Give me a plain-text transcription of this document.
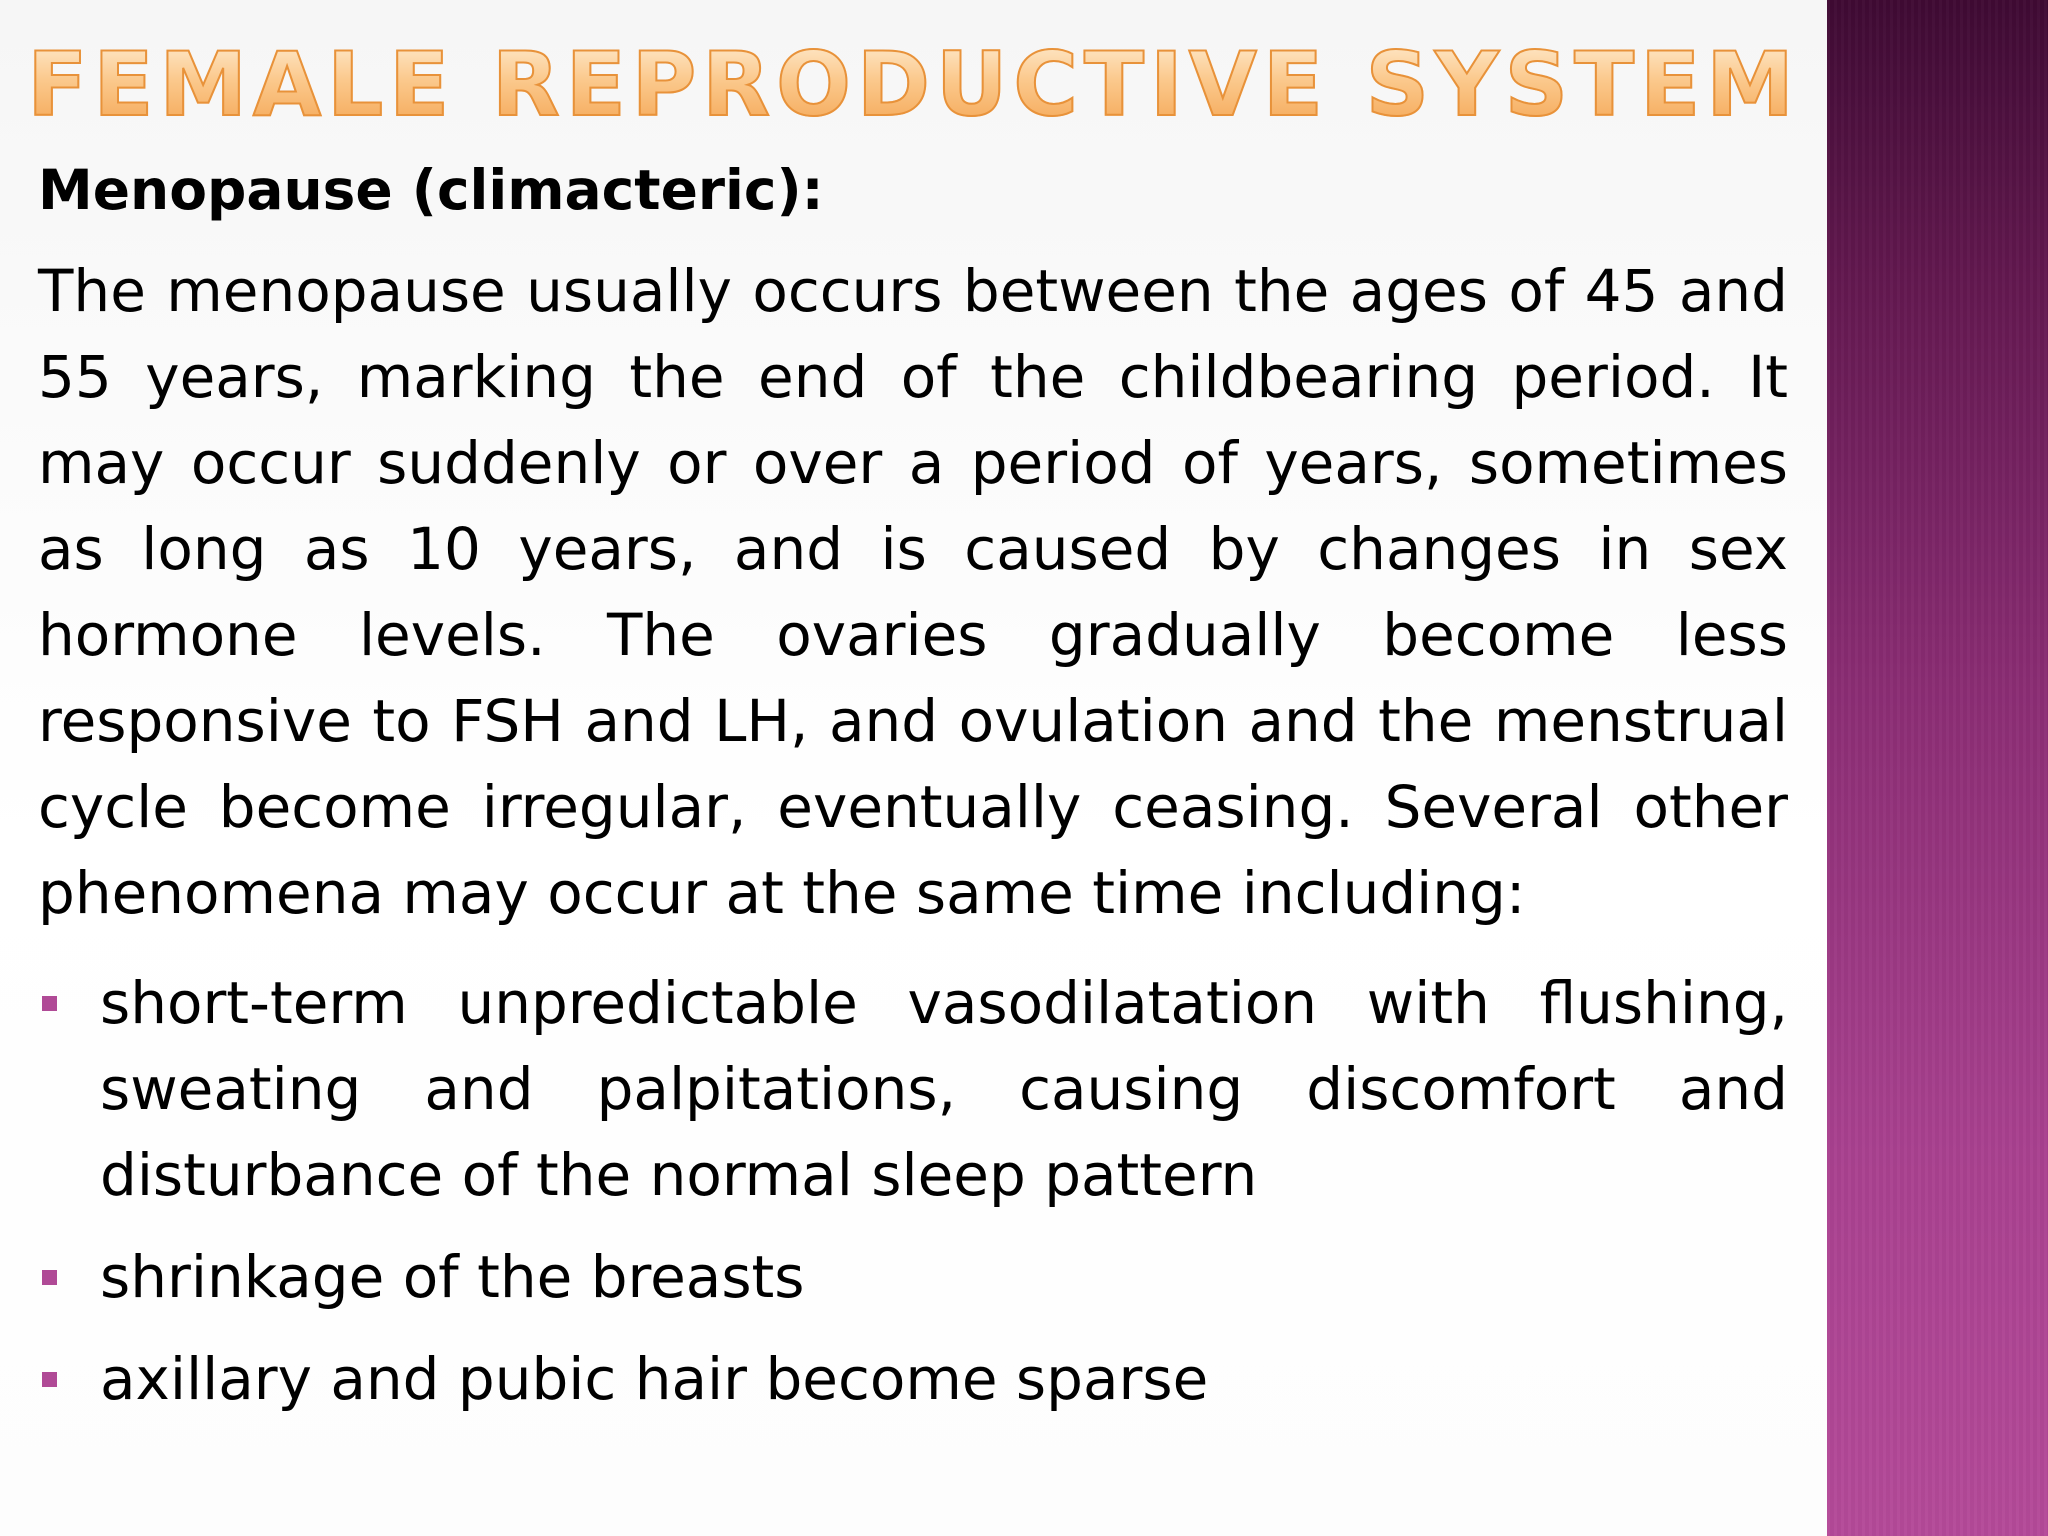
FEMALE REPRODUCTIVE SYSTEM
Menopause (climacteric):

The menopause usually occurs between the ages of 45 and 55 years, marking the end of the childbearing period. It may occur suddenly or over a period of years, sometimes as long as 10 years, and is caused by changes in sex hormone levels. The ovaries gradually become less responsive to FSH and LH, and ovulation and the menstrual cycle become irregular, eventually ceasing. Several other phenomena may occur at the same time including:

short-term unpredictable vasodilatation with flushing, sweating and palpitations, causing discomfort and disturbance of the normal sleep pattern
shrinkage of the breasts
axillary and pubic hair become sparse
